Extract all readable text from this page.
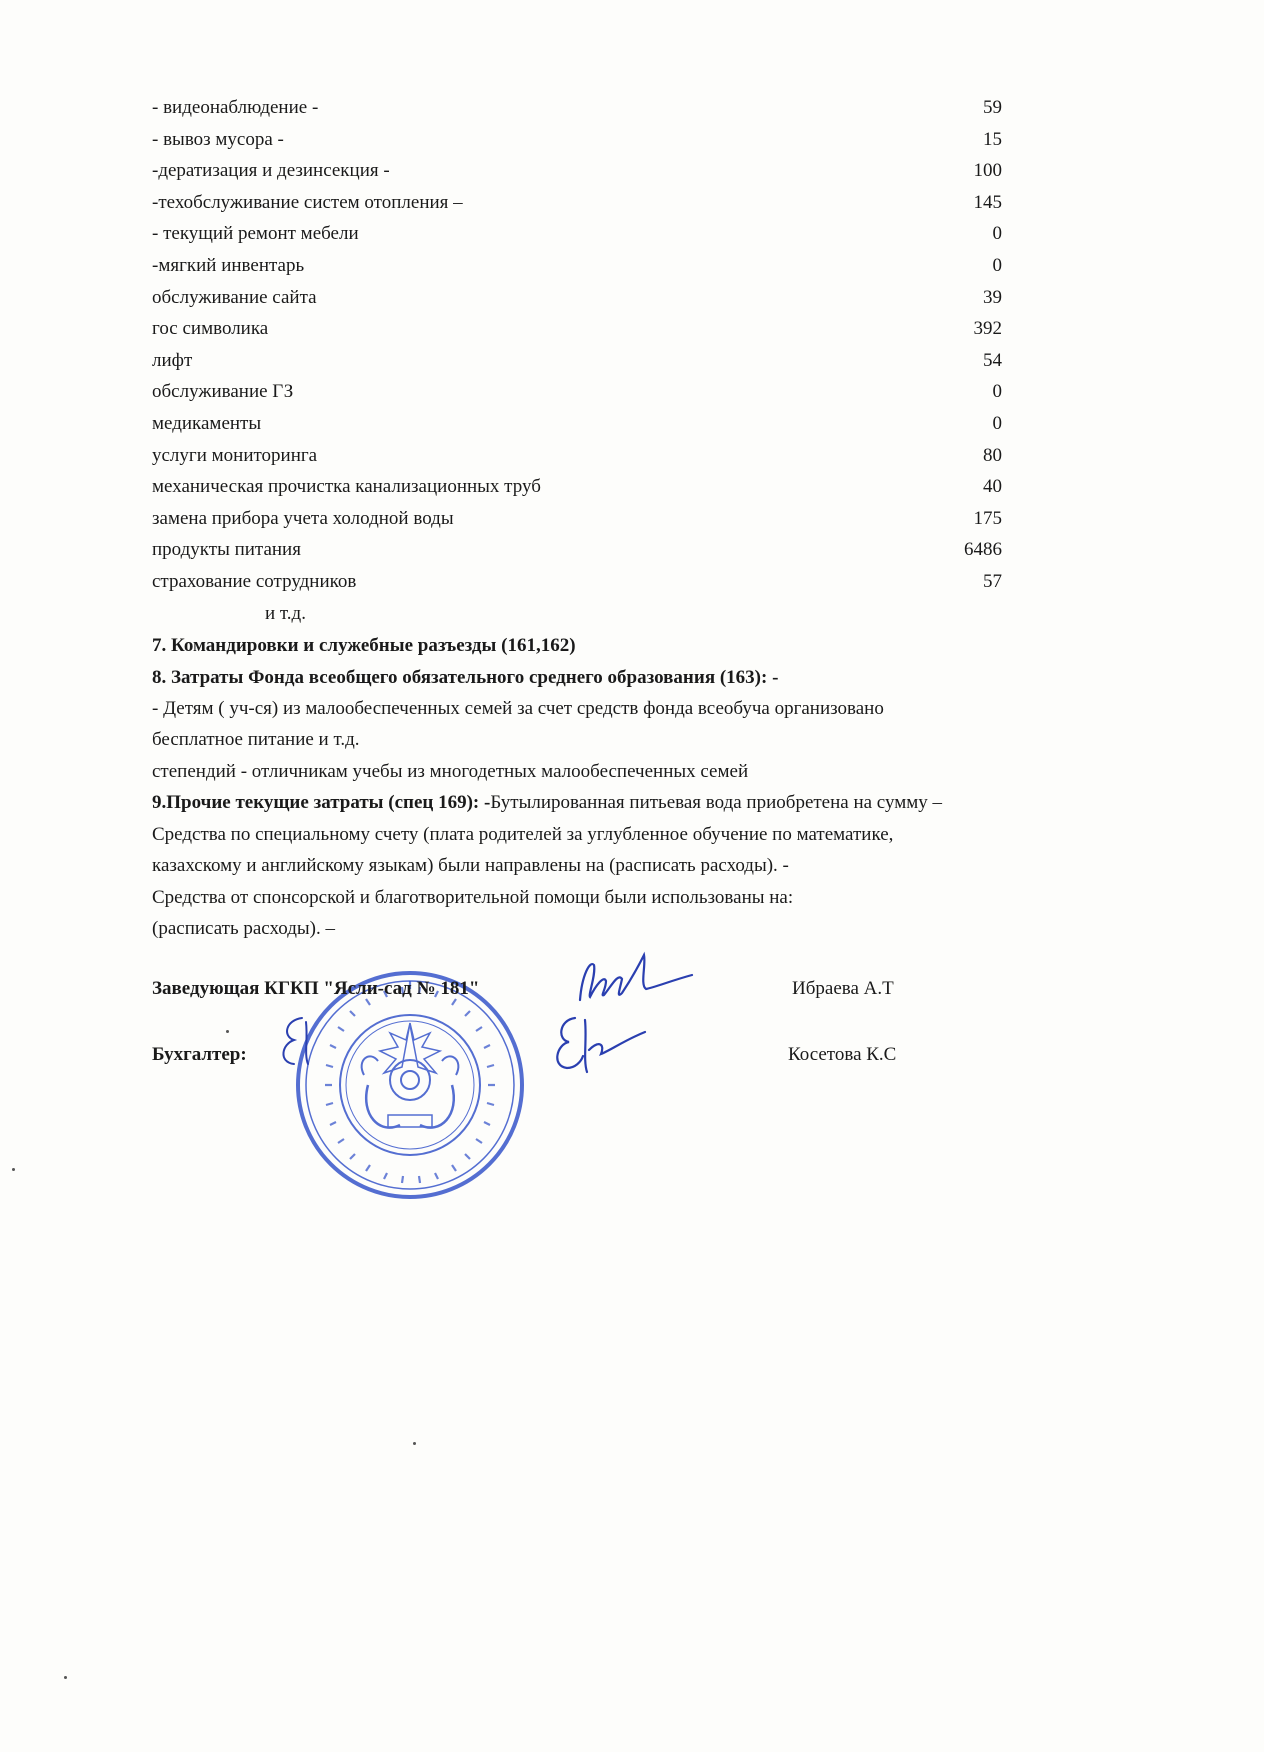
- видеонаблюдение -	59
- вывоз мусора -	15
-дератизация и дезинсекция -	100
-техобслуживание систем отопления –	145
- текущий ремонт мебели	0
-мягкий инвентарь	0
обслуживание сайта	39
гос символика	392
лифт	54
обслуживание ГЗ	0
медикаменты	0
услуги мониторинга	80
механическая прочистка канализационных труб	40
замена прибора учета холодной воды	175
продукты питания	6486
страхование сотрудников	57
и т.д.
7. Командировки и служебные разъезды (161,162)
8. Затраты Фонда всеобщего обязательного среднего образования (163): -
- Детям ( уч-ся) из малообеспеченных семей за счет средств фонда всеобуча организовано
бесплатное питание и т.д.
степендий - отличникам учебы из многодетных малообеспеченных семей
9.Прочие текущие затраты (спец 169): -Бутылированная питьевая вода приобретена на сумму –
Средства по специальному счету (плата родителей за углубленное обучение по математике,
казахскому и английскому языкам) были направлены на (расписать расходы). -
Средства от спонсорской и благотворительной помощи были использованы на:
(расписать расходы). –
Заведующая КГКП "Ясли-сад № 181"	Ибраева А.Т
Бухгалтер:	Косетова К.С
